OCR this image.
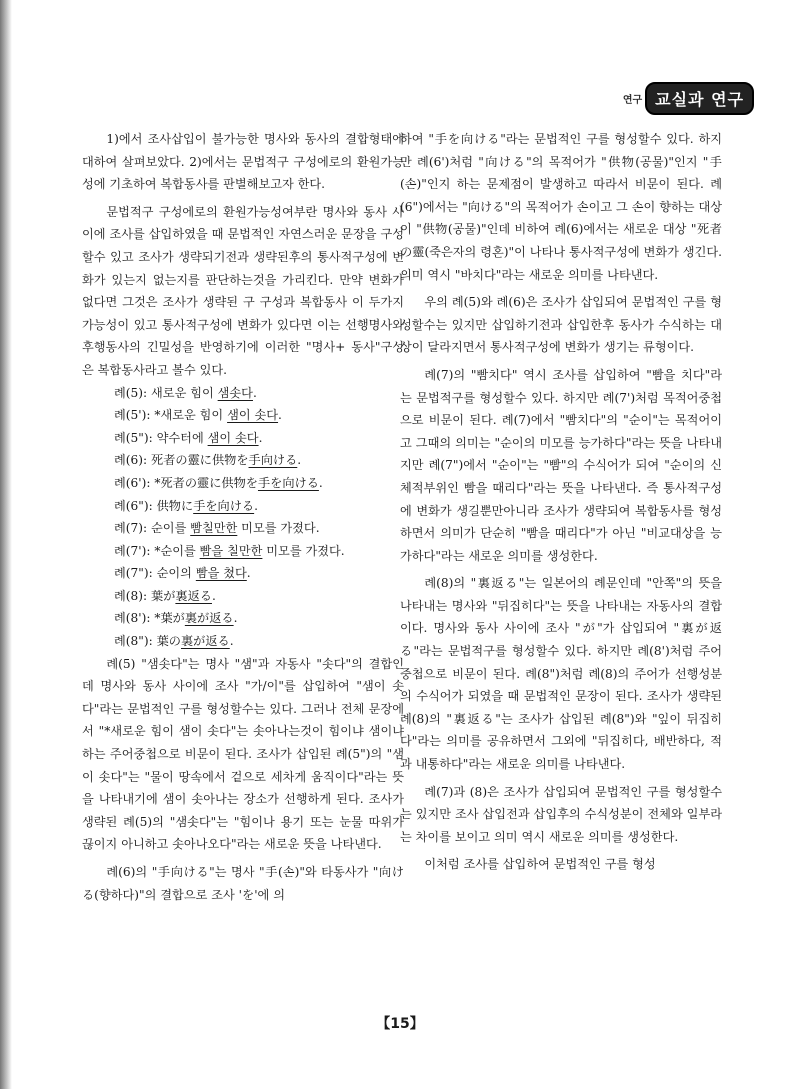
연구 교실과 연구

1)에서 조사삽입이 불가능한 명사와 동사의 결합형태에 대하여 살펴보았다. 2)에서는 문법적구 구성에로의 환원가능성에 기초하여 복합동사를 판별해보고자 한다.

문법적구 구성에로의 환원가능성여부란 명사와 동사 사이에 조사를 삽입하였을 때 문법적인 자연스러운 문장을 구성할수 있고 조사가 생략되기전과 생략된후의 통사적구성에 변화가 있는지 없는지를 판단하는것을 가리킨다. 만약 변화가 없다면 그것은 조사가 생략된 구 구성과 복합동사 이 두가지 가능성이 있고 통사적구성에 변화가 있다면 이는 선행명사와 후행동사의 긴밀성을 반영하기에 이러한 "명사+ 동사"구성은 복합동사라고 볼수 있다.

례(5): 새로운 힘이 샘솟다.
례(5'): *새로운 힘이 샘이 솟다.
례(5"): 약수터에 샘이 솟다.
례(6): 死者の靈に供物を手向ける.
례(6'): *死者の靈に供物を手を向ける.
례(6"): 供物に手を向ける.
례(7): 순이를 빰칠만한 미모를 가졌다.
례(7'): *순이를 빰을 칠만한 미모를 가졌다.
례(7"): 순이의 빰을 쳤다.
례(8): 葉が裏返る.
례(8'): *葉が裏が返る.
례(8"): 葉の裏が返る.

례(5) "샘솟다"는 명사 "샘"과 자동사 "솟다"의 결합인데 명사와 동사 사이에 조사 "가/이"를 삽입하여 "샘이 솟다"라는 문법적인 구를 형성할수는 있다. 그러나 전체 문장에서 "*새로운 힘이 샘이 솟다"는 솟아나는것이 힘이냐 샘이냐하는 주어중첩으로 비문이 된다. 조사가 삽입된 례(5")의 "샘이 솟다"는 "물이 땅속에서 겉으로 세차게 움직이다"라는 뜻을 나타내기에 샘이 솟아나는 장소가 선행하게 된다. 조사가 생략된 례(5)의 "샘솟다"는 "힘이나 용기 또는 눈물 따위가 끊이지 아니하고 솟아나오다"라는 새로운 뜻을 나타낸다.

례(6)의 "手向ける"는 명사 "手(손)"와 타동사가 "向ける(향하다)"의 결합으로 조사 'を'에 의

하여 "手を向ける"라는 문법적인 구를 형성할수 있다. 하지만 례(6')처럼 "向ける"의 목적어가 "供物(공물)"인지 "手(손)"인지 하는 문제점이 발생하고 따라서 비문이 된다. 례(6")에서는 "向ける"의 목적어가 손이고 그 손이 향하는 대상이 "供物(공물)"인데 비하여 례(6)에서는 새로운 대상 "死者の靈(죽은자의 령혼)"이 나타나 통사적구성에 변화가 생긴다. 의미 역시 "바치다"라는 새로운 의미를 나타낸다.

우의 례(5)와 례(6)은 조사가 삽입되여 문법적인 구를 형성할수는 있지만 삽입하기전과 삽입한후 동사가 수식하는 대상이 달라지면서 통사적구성에 변화가 생기는 류형이다.

례(7)의 "빰치다" 역시 조사를 삽입하여 "빰을 치다"라는 문법적구를 형성할수 있다. 하지만 례(7')처럼 목적어중첩으로 비문이 된다. 례(7)에서 "빰치다"의 "순이"는 목적어이고 그때의 의미는 "순이의 미모를 능가하다"라는 뜻을 나타내지만 례(7")에서 "순이"는 "빰"의 수식어가 되여 "순이의 신체적부위인 빰을 때리다"라는 뜻을 나타낸다. 즉 통사적구성에 변화가 생길뿐만아니라 조사가 생략되여 복합동사를 형성하면서 의미가 단순히 "빰을 때리다"가 아닌 "비교대상을 능가하다"라는 새로운 의미를 생성한다.

례(8)의 "裏返る"는 일본어의 례문인데 "안쪽"의 뜻을 나타내는 명사와 "뒤집히다"는 뜻을 나타내는 자동사의 결합이다. 명사와 동사 사이에 조사 "が"가 삽입되여 "裏が返る"라는 문법적구를 형성할수 있다. 하지만 례(8')처럼 주어중첩으로 비문이 된다. 례(8")처럼 례(8)의 주어가 선행성분의 수식어가 되였을 때 문법적인 문장이 된다. 조사가 생략된 례(8)의 "裏返る"는 조사가 삽입된 례(8")와 "잎이 뒤집히다"라는 의미를 공유하면서 그외에 "뒤집히다, 배반하다, 적과 내통하다"라는 새로운 의미를 나타낸다.

례(7)과 (8)은 조사가 삽입되여 문법적인 구를 형성할수는 있지만 조사 삽입전과 삽입후의 수식성분이 전체와 일부라는 차이를 보이고 의미 역시 새로운 의미를 생성한다.

이처럼 조사를 삽입하여 문법적인 구를 형성

【15】
